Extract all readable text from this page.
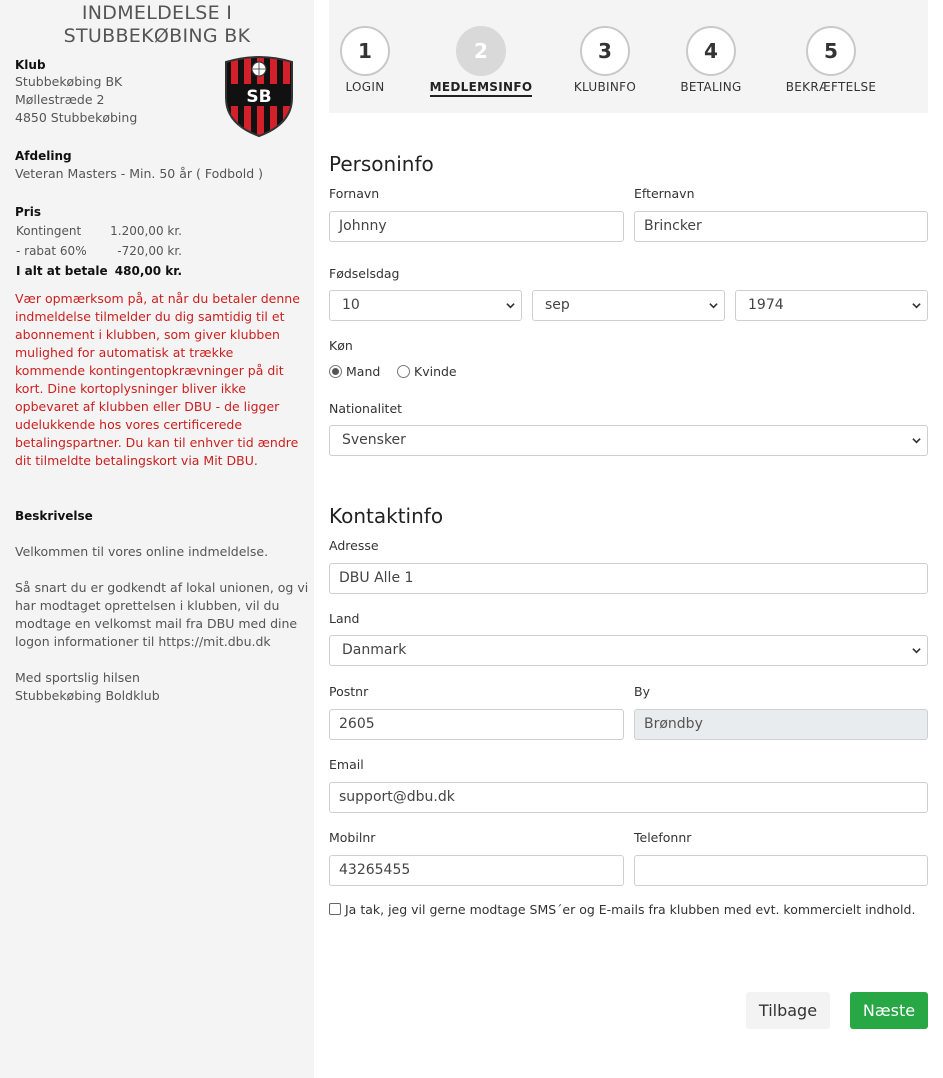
INDMELDELSE I
STUBBEKØBING BK
Klub
Stubbekøbing BK
Møllestræde 2
4850 Stubbekøbing
SB
Afdeling
Veteran Masters - Min. 50 år ( Fodbold )
Pris
Kontingent 1.200,00 kr.
- rabat 60%	-720,00 kr.
I alt at betale 480,00 kr.
Vær opmærksom på, at når du betaler denne
indmeldelse tilmelder du dig samtidig til et
abonnement i klubben, som giver klubben
mulighed for automatisk at trække
kommende kontingentopkrævninger på dit
kort. Dine kortoplysninger bliver ikke
opbevaret af klubben eller DBU - de ligger
udelukkende hos vores certificerede
betalingspartner. Du kan til enhver tid ændre
dit tilmeldte betalingskort via Mit DBU.
Beskrivelse
Velkommen til vores online indmeldelse.
Så snart du er godkendt af lokal unionen, og vi
har modtaget oprettelsen i klubben, vil du
modtage en velkomst mail fra DBU med dine
logon informationer til https://mit.dbu.dk
Med sportslig hilsen
Stubbekøbing Boldklub
1
LOGIN
2
MEDLEMSINFO
3
KLUBINFO
4
BETALING
5
BEKRÆFTELSE
Personinfo
Fornavn
Johnny
Efternavn
Brincker
Fødselsdag
10	sep	1974
Køn
Mand	Kvinde
Nationalitet
Svensker
Kontaktinfo
Adresse
DBU Alle 1
Land
Danmark
Postnr
2605
By
Brøndby
Email
support@dbu.dk
Mobilnr
43265455
Telefonnr
Ja tak, jeg vil gerne modtage SMS´er og E-mails fra klubben med evt. kommercielt indhold.
Tilbage	Næste
